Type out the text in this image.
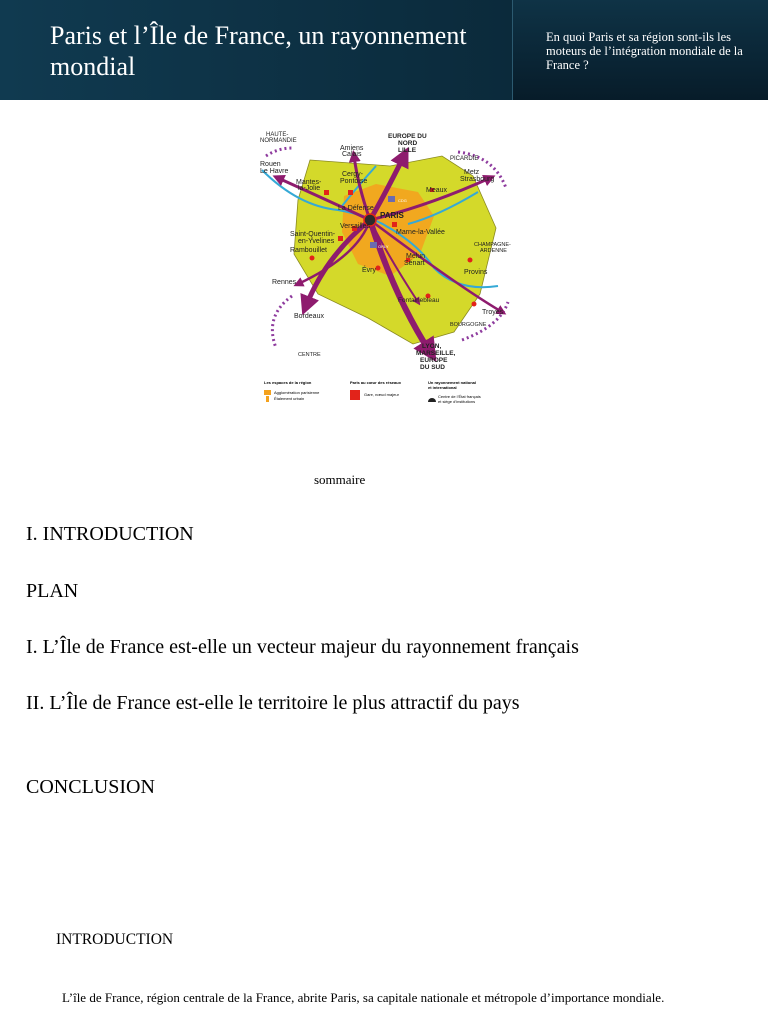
Paris et l’Île de France, un rayonnement mondial
En quoi Paris et sa région sont-ils les moteurs de l’intégration mondiale de la France ?
HAUTE-NORMANDIE
Rouen Le Havre
Amiens Calais
EUROPE DU NORD LILLE
PICARDIE
Metz Strasbourg
Mantes-la-Jolie
Cergy-Pontoise
Meaux
La Défense
PARIS
CDG
Versailles
Marne-la-Vallée
Saint-Quentin-en-Yvelines
ORLY	CHAMPAGNE-ARDENNE
Rambouillet
Melun Sénart
Évry	Provins
Rennes
Fontainebleau
Troyes
Bordeaux
BOURGOGNE
CENTRE
LYON, MARSEILLE, EUROPE DU SUD
Les espaces de la région
Agglomération parisienne
Étalement urbain
Paris au cœur des réseaux
Gare, nœud majeur
Un rayonnement national et international
Centre de l’État français et siège d’institutions
sommaire
I. INTRODUCTION
PLAN
I. L’Île de France est-elle un vecteur majeur du rayonnement français
II. L’Île de France est-elle le territoire le plus attractif du pays
CONCLUSION
INTRODUCTION
L’île de France, région centrale de la France, abrite Paris, sa capitale nationale et métropole d’importance mondiale.
